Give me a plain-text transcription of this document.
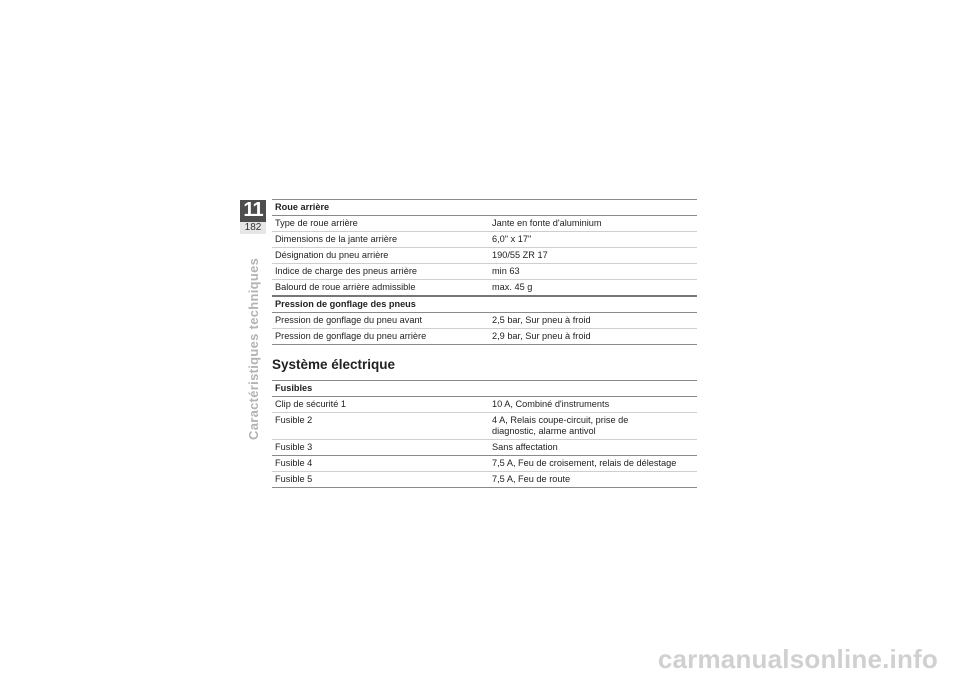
11
182
Caractéristiques techniques
Roue arrière	
Type de roue arrière	Jante en fonte d'aluminium
Dimensions de la jante arrière	6,0" x 17"
Désignation du pneu arrière	190/55 ZR 17
Indice de charge des pneus arrière	min 63
Balourd de roue arrière admissible	max. 45 g
Pression de gonflage des pneus	
Pression de gonflage du pneu avant	2,5 bar, Sur pneu à froid
Pression de gonflage du pneu arrière	2,9 bar, Sur pneu à froid
Système électrique
Fusibles	
Clip de sécurité 1	10 A, Combiné d'instruments
Fusible 2	4 A, Relais coupe-circuit, prise de diagnostic, alarme antivol
Fusible 3	Sans affectation
Fusible 4	7,5 A, Feu de croisement, relais de délestage
Fusible 5	7,5 A, Feu de route
carmanualsonline.info
